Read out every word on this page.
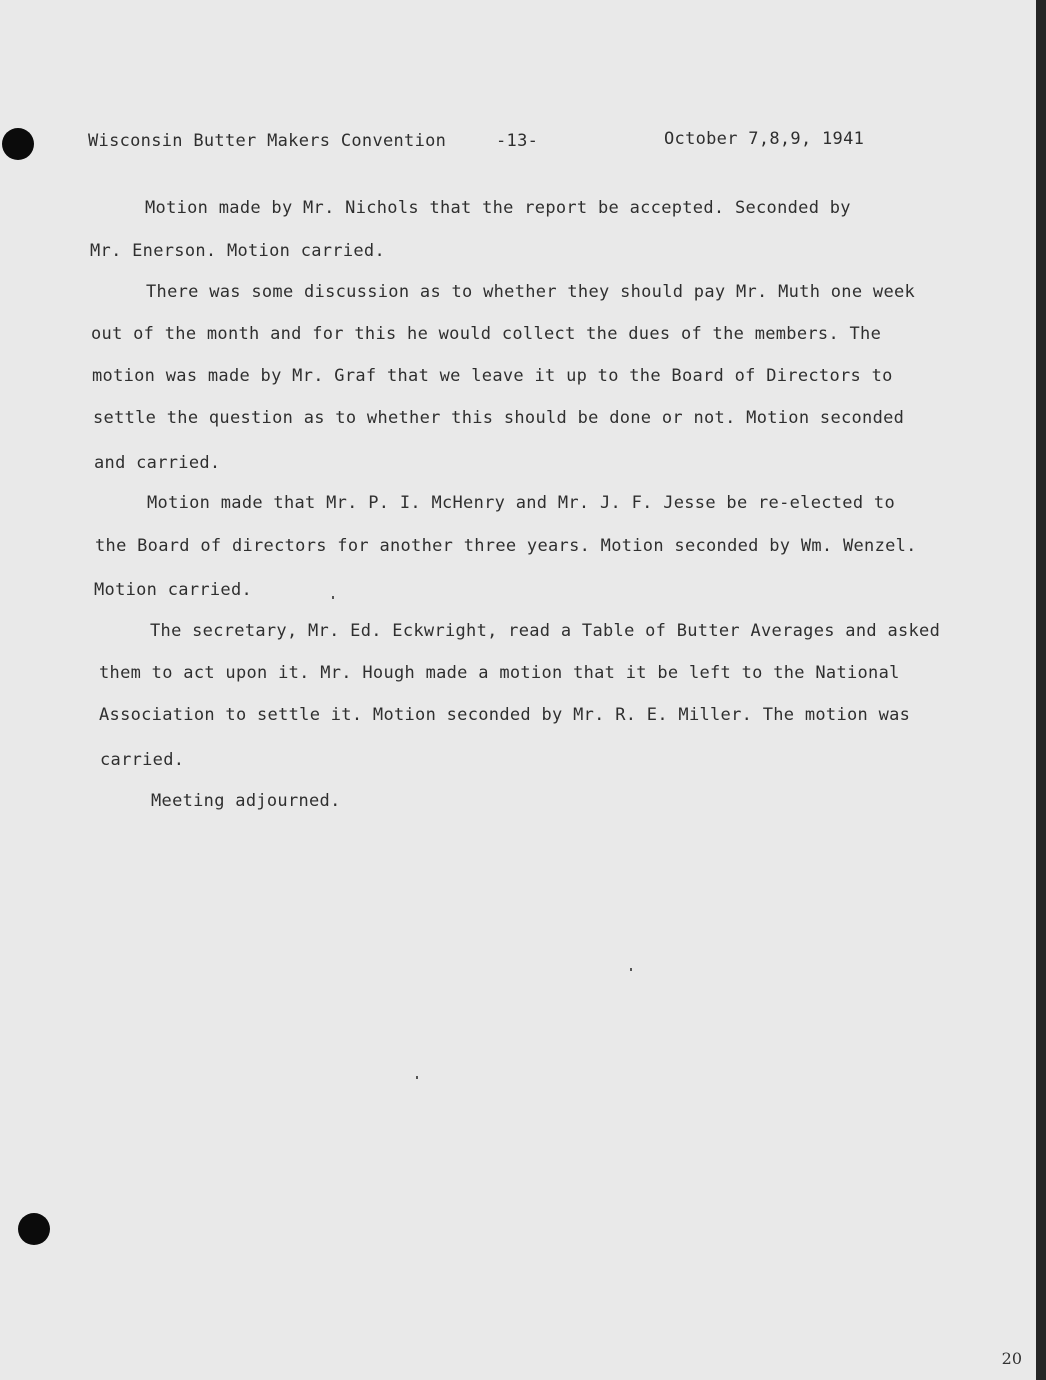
Wisconsin Butter Makers Convention	-13-	October 7,8,9, 1941
Motion made by Mr. Nichols that the report be accepted. Seconded by
Mr. Enerson. Motion carried.
There was some discussion as to whether they should pay Mr. Muth one week
out of the month and for this he would collect the dues of the members. The
motion was made by Mr. Graf that we leave it up to the Board of Directors to
settle the question as to whether this should be done or not. Motion seconded
and carried.
Motion made that Mr. P. I. McHenry and Mr. J. F. Jesse be re-elected to
the Board of directors for another three years. Motion seconded by Wm. Wenzel.
Motion carried.
The secretary, Mr. Ed. Eckwright, read a Table of Butter Averages and asked
them to act upon it. Mr. Hough made a motion that it be left to the National
Association to settle it. Motion seconded by Mr. R. E. Miller. The motion was
carried.
Meeting adjourned.
20
